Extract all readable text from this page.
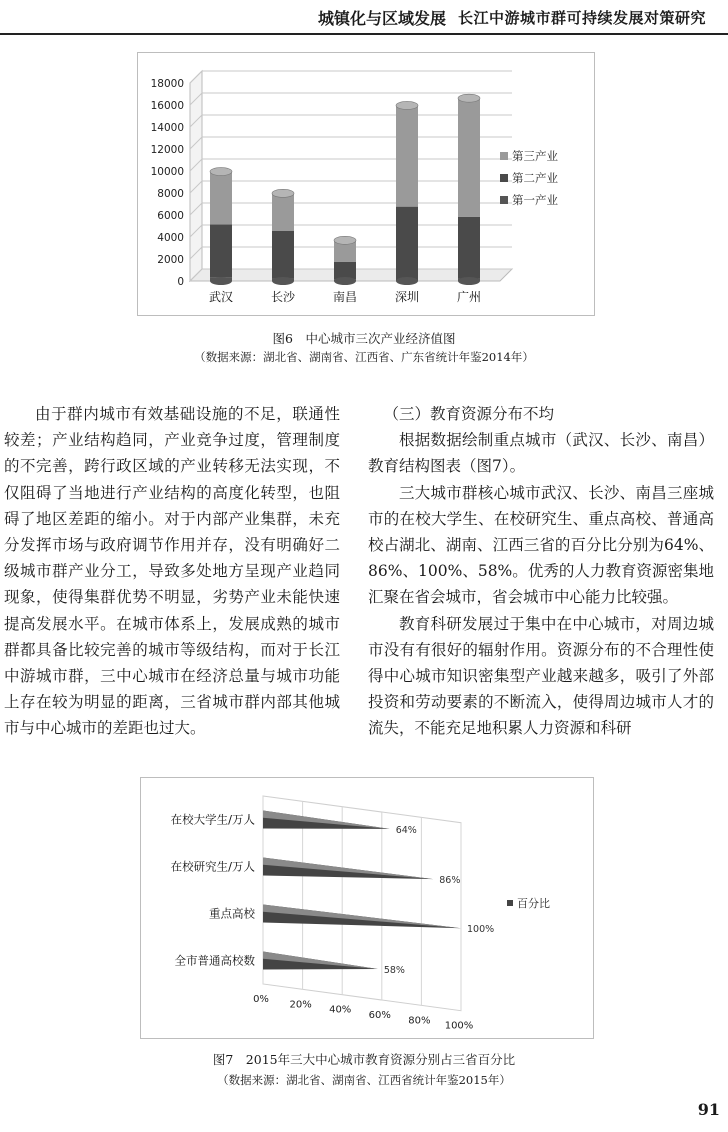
城镇化与区域发展 长江中游城市群可持续发展对策研究
0
2000
4000
6000
8000
10000
12000
14000
16000
18000
武汉	长沙	南昌	深圳	广州
第三产业
第二产业
第一产业
图6　中心城市三次产业经济值图
（数据来源：湖北省、湖南省、江西省、广东省统计年鉴2014年）

由于群内城市有效基础设施的不足，联通性较差；产业结构趋同，产业竞争过度，管理制度的不完善，跨行政区域的产业转移无法实现，不仅阻碍了当地进行产业结构的高度化转型，也阻碍了地区差距的缩小。对于内部产业集群，未充分发挥市场与政府调节作用并存，没有明确好二级城市群产业分工，导致多处地方呈现产业趋同现象，使得集群优势不明显，劣势产业未能快速提高发展水平。在城市体系上，发展成熟的城市群都具备比较完善的城市等级结构，而对于长江中游城市群，三中心城市在经济总量与城市功能上存在较为明显的距离，三省城市群内部其他城市与中心城市的差距也过大。

（三）教育资源分布不均

根据数据绘制重点城市（武汉、长沙、南昌）教育结构图表（图7）。

三大城市群核心城市武汉、长沙、南昌三座城市的在校大学生、在校研究生、重点高校、普通高校占湖北、湖南、江西三省的百分比分别为64%、86%、100%、58%。优秀的人力教育资源密集地汇聚在省会城市，省会城市中心能力比较强。

教育科研发展过于集中在中心城市，对周边城市没有有很好的辐射作用。资源分布的不合理性使得中心城市知识密集型产业越来越多，吸引了外部投资和劳动要素的不断流入，使得周边城市人才的流失，不能充足地积累人力资源和科研

0% 20% 40% 60% 80% 100%
在校大学生/万人
64%
在校研究生/万人
86%
重点高校
100%
全市普通高校数
58%
百分比
图7　2015年三大中心城市教育资源分别占三省百分比
（数据来源：湖北省、湖南省、江西省统计年鉴2015年）
91
